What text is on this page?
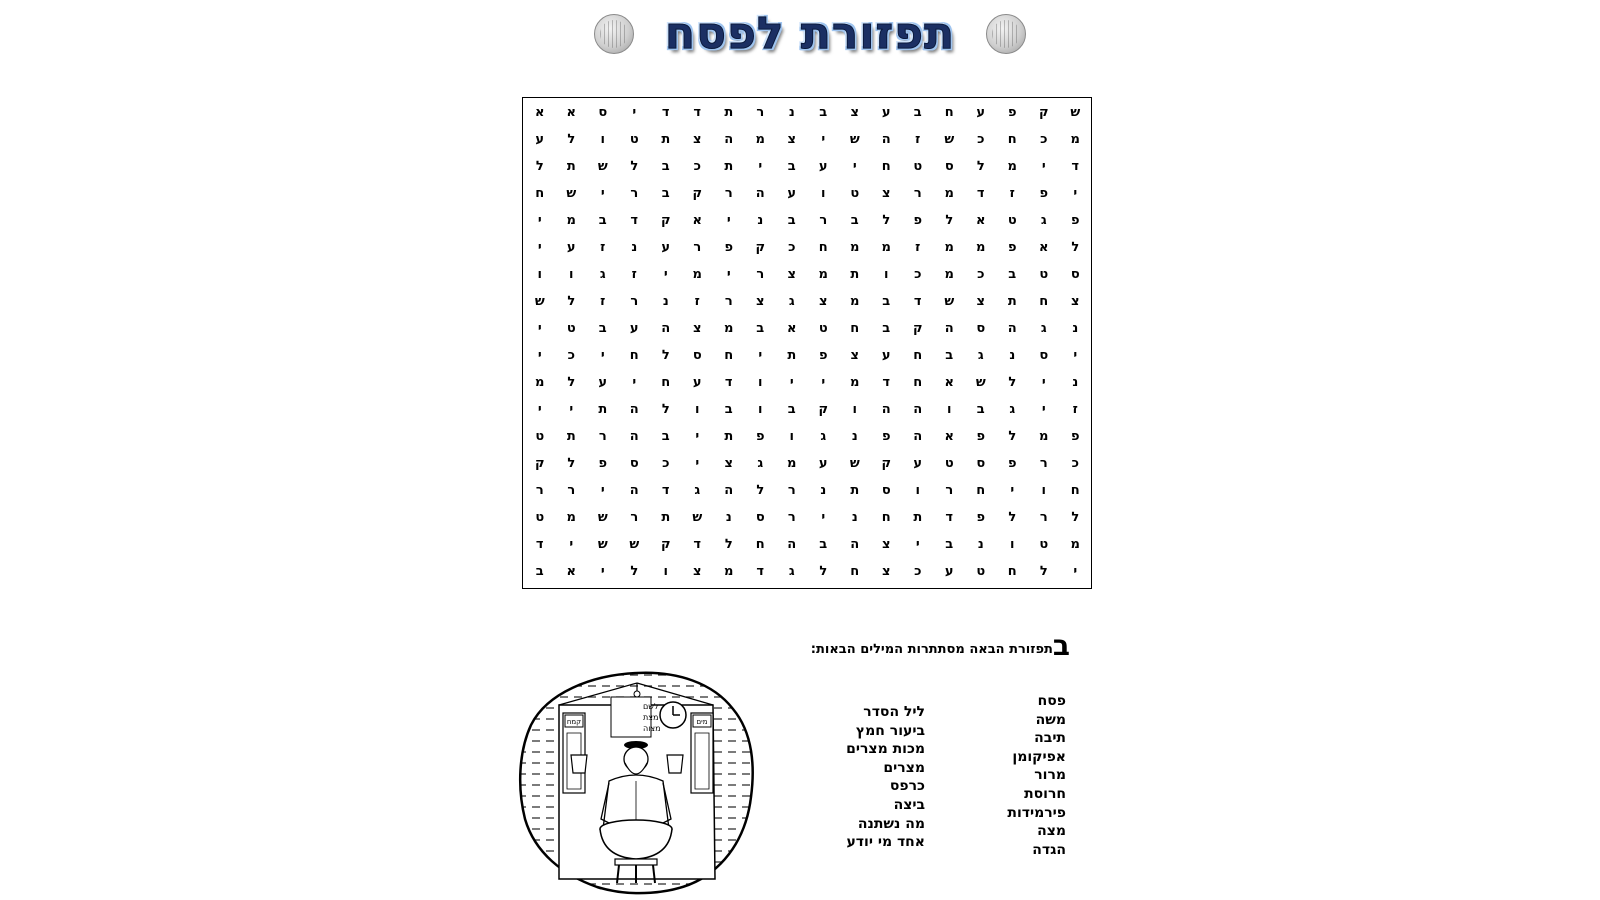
תפזורת לפסח
ש
ק
פ
ע
ח
ב
ע
צ
ב
נ
ר
ת
ד
ד
י
ס
א
א
מ
כ
ח
כ
ש
ז
ה
ש
י
צ
מ
ה
צ
ת
ט
ו
ל
ע
ד
י
מ
ל
ס
ט
ח
י
ע
ב
י
ת
כ
ב
ל
ש
ת
ל
י
פ
ז
ד
מ
ר
צ
ט
ו
ע
ה
ר
ק
ב
ר
י
ש
ח
פ
ג
ט
א
ל
פ
ל
ב
ר
ב
נ
י
א
ק
ד
ב
מ
י
ל
א
פ
מ
מ
ז
מ
מ
ח
כ
ק
פ
ר
ע
נ
ז
ע
י
ס
ט
ב
כ
מ
כ
ו
ת
מ
צ
ר
י
מ
י
ז
ג
ו
ו
צ
ח
ת
צ
ש
ד
ב
מ
צ
ג
צ
ר
ז
נ
ר
ז
ל
ש
נ
ג
ה
ס
ה
ק
ב
ח
ט
א
ב
מ
צ
ה
ע
ב
ט
י
י
ס
נ
ג
ב
ח
ע
צ
פ
ת
י
ח
ס
ל
ח
י
כ
י
נ
י
ל
ש
א
ח
ד
מ
י
י
ו
ד
ע
ח
י
ע
ל
מ
ז
י
ג
ב
ו
ה
ה
ו
ק
ב
ו
ב
ו
ל
ה
ת
י
י
פ
מ
ל
פ
א
ה
פ
נ
ג
ו
פ
ת
י
ב
ה
ר
ת
ט
כ
ר
פ
ס
ט
ע
ק
ש
ע
מ
ג
צ
י
כ
ס
פ
ל
ק
ח
ו
י
ח
ר
ו
ס
ת
נ
ר
ל
ה
ג
ד
ה
י
ר
ר
ל
ר
ל
פ
ד
ת
ח
נ
י
ר
ס
נ
ש
ת
ר
ש
מ
ט
מ
ט
ו
נ
ב
י
צ
ה
ב
ה
ח
ל
ד
ק
ש
ש
י
ד
י
ל
ח
ט
ע
כ
צ
ח
ל
ג
ד
מ
צ
ו
ל
י
א
ב
בתפזורת הבאה מסתתרות המילים הבאות:
פסח
משה
תיבה
אפיקומן
מרור
חרוסת
פירמידות
מצה
הגדה
ליל הסדר
ביעור חמץ
מכות מצרים
מצרים
כרפס
ביצה
מה נשתנה
אחד מי יודע
לשם
מצת
מצוה
קמח	מים
